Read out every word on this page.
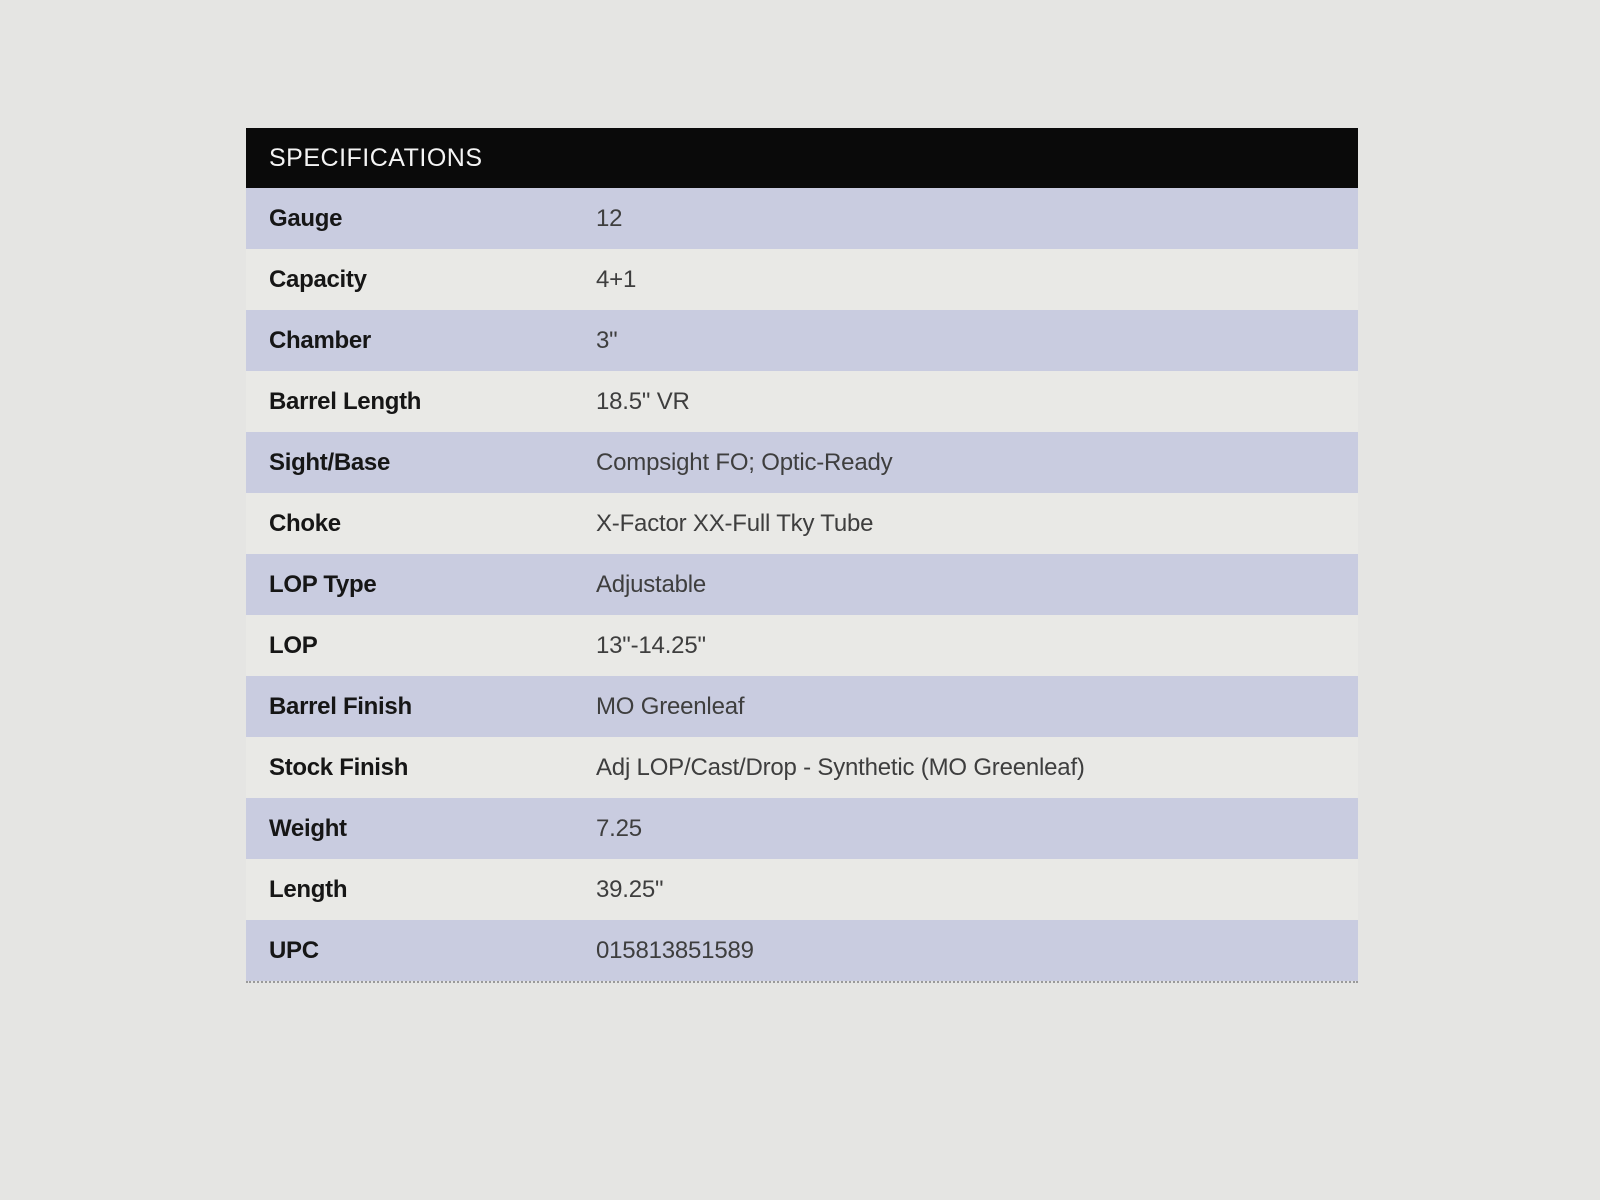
SPECIFICATIONS
Gauge	12
Capacity	4+1
Chamber	3"
Barrel Length	18.5" VR
Sight/Base	Compsight FO; Optic-Ready
Choke	X-Factor XX-Full Tky Tube
LOP Type	Adjustable
LOP	13"-14.25"
Barrel Finish	MO Greenleaf
Stock Finish	Adj LOP/Cast/Drop - Synthetic (MO Greenleaf)
Weight	7.25
Length	39.25"
UPC	015813851589
